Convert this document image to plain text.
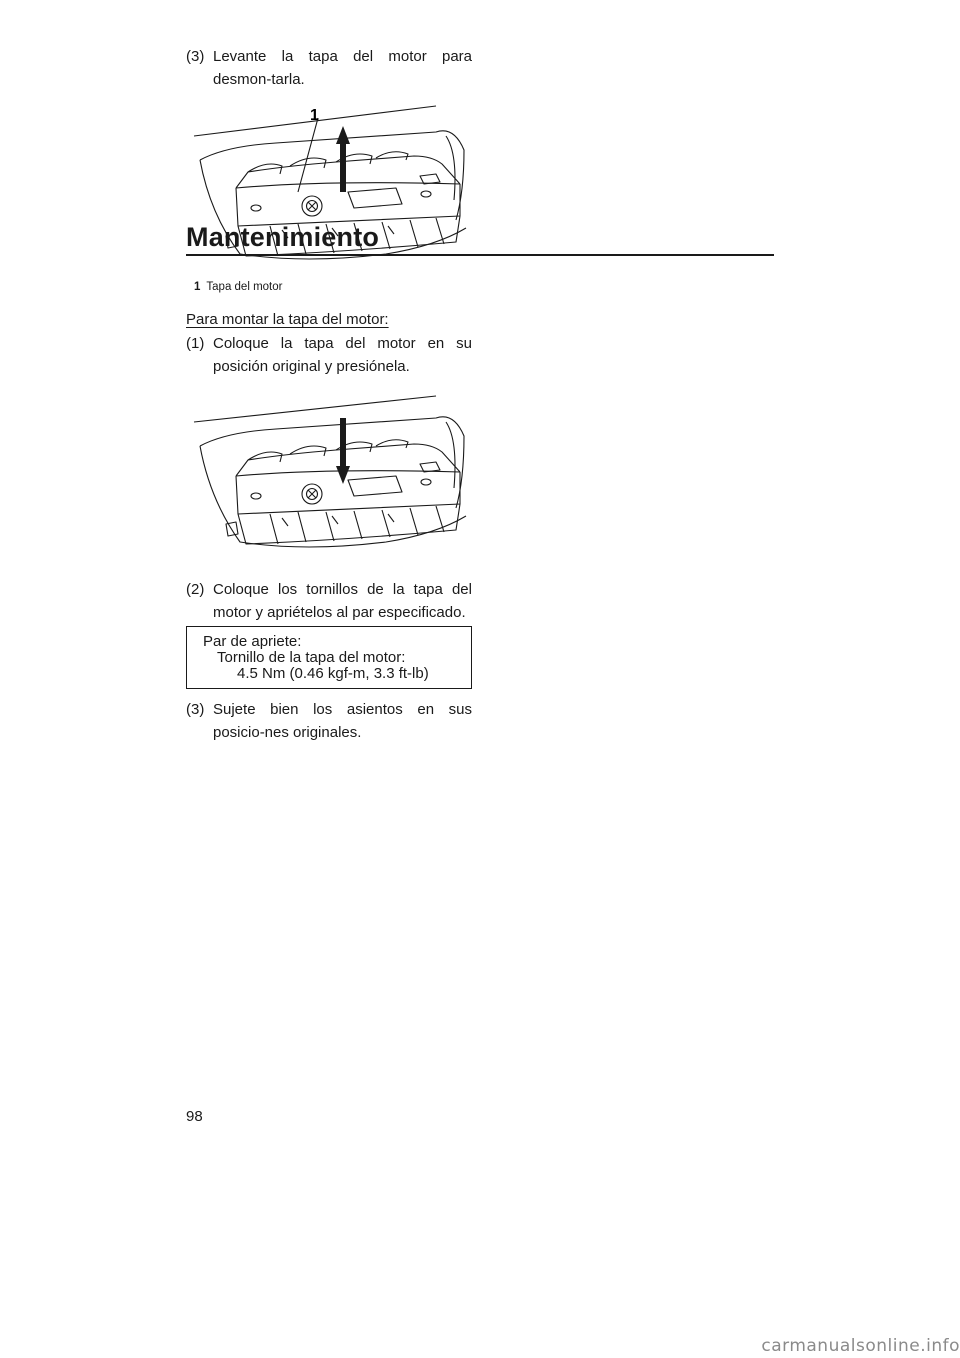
Mantenimiento
(3) Levante la tapa del motor para desmon-tarla.
1
1 Tapa del motor
Para montar la tapa del motor:
(1) Coloque la tapa del motor en su posición original y presiónela.
(2) Coloque los tornillos de la tapa del motor y apriételos al par especificado.
Par de apriete:
Tornillo de la tapa del motor:
4.5 Nm (0.46 kgf-m, 3.3 ft-lb)
(3) Sujete bien los asientos en sus posicio-nes originales.
98
carmanualsonline.info
